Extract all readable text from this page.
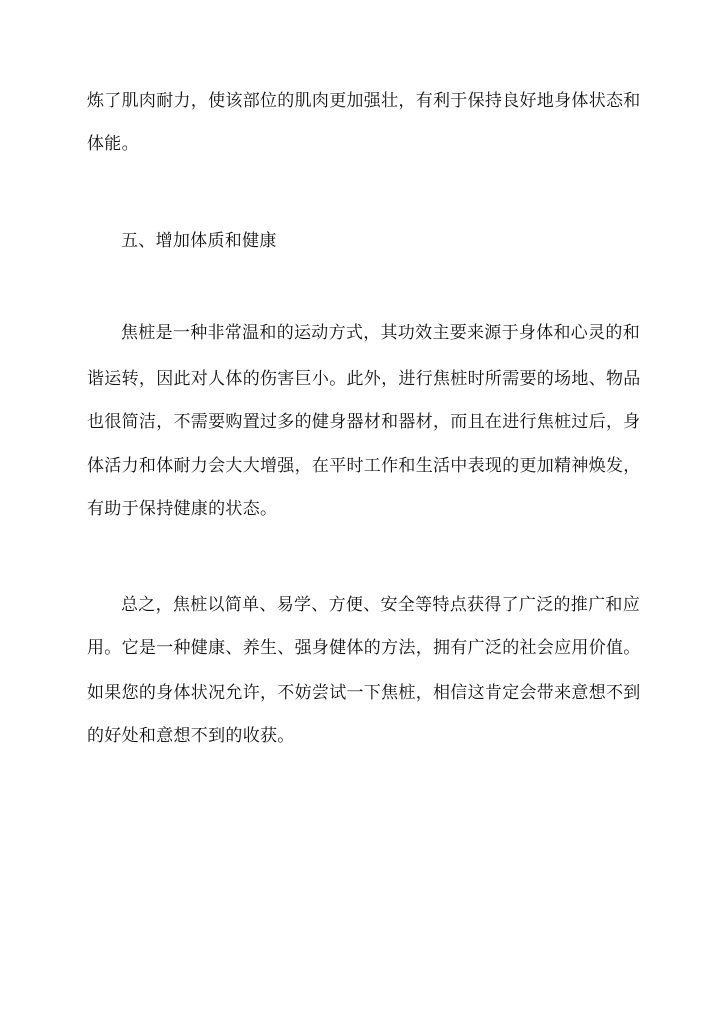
炼了肌肉耐力，使该部位的肌肉更加强壮，有利于保持良好地身体状态和
体能。
五、增加体质和健康
焦桩是一种非常温和的运动方式，其功效主要来源于身体和心灵的和
谐运转，因此对人体的伤害巨小。此外，进行焦桩时所需要的场地、物品
也很简洁，不需要购置过多的健身器材和器材，而且在进行焦桩过后，身
体活力和体耐力会大大增强，在平时工作和生活中表现的更加精神焕发，
有助于保持健康的状态。
总之，焦桩以简单、易学、方便、安全等特点获得了广泛的推广和应
用。它是一种健康、养生、强身健体的方法，拥有广泛的社会应用价值。
如果您的身体状况允许，不妨尝试一下焦桩，相信这肯定会带来意想不到
的好处和意想不到的收获。
